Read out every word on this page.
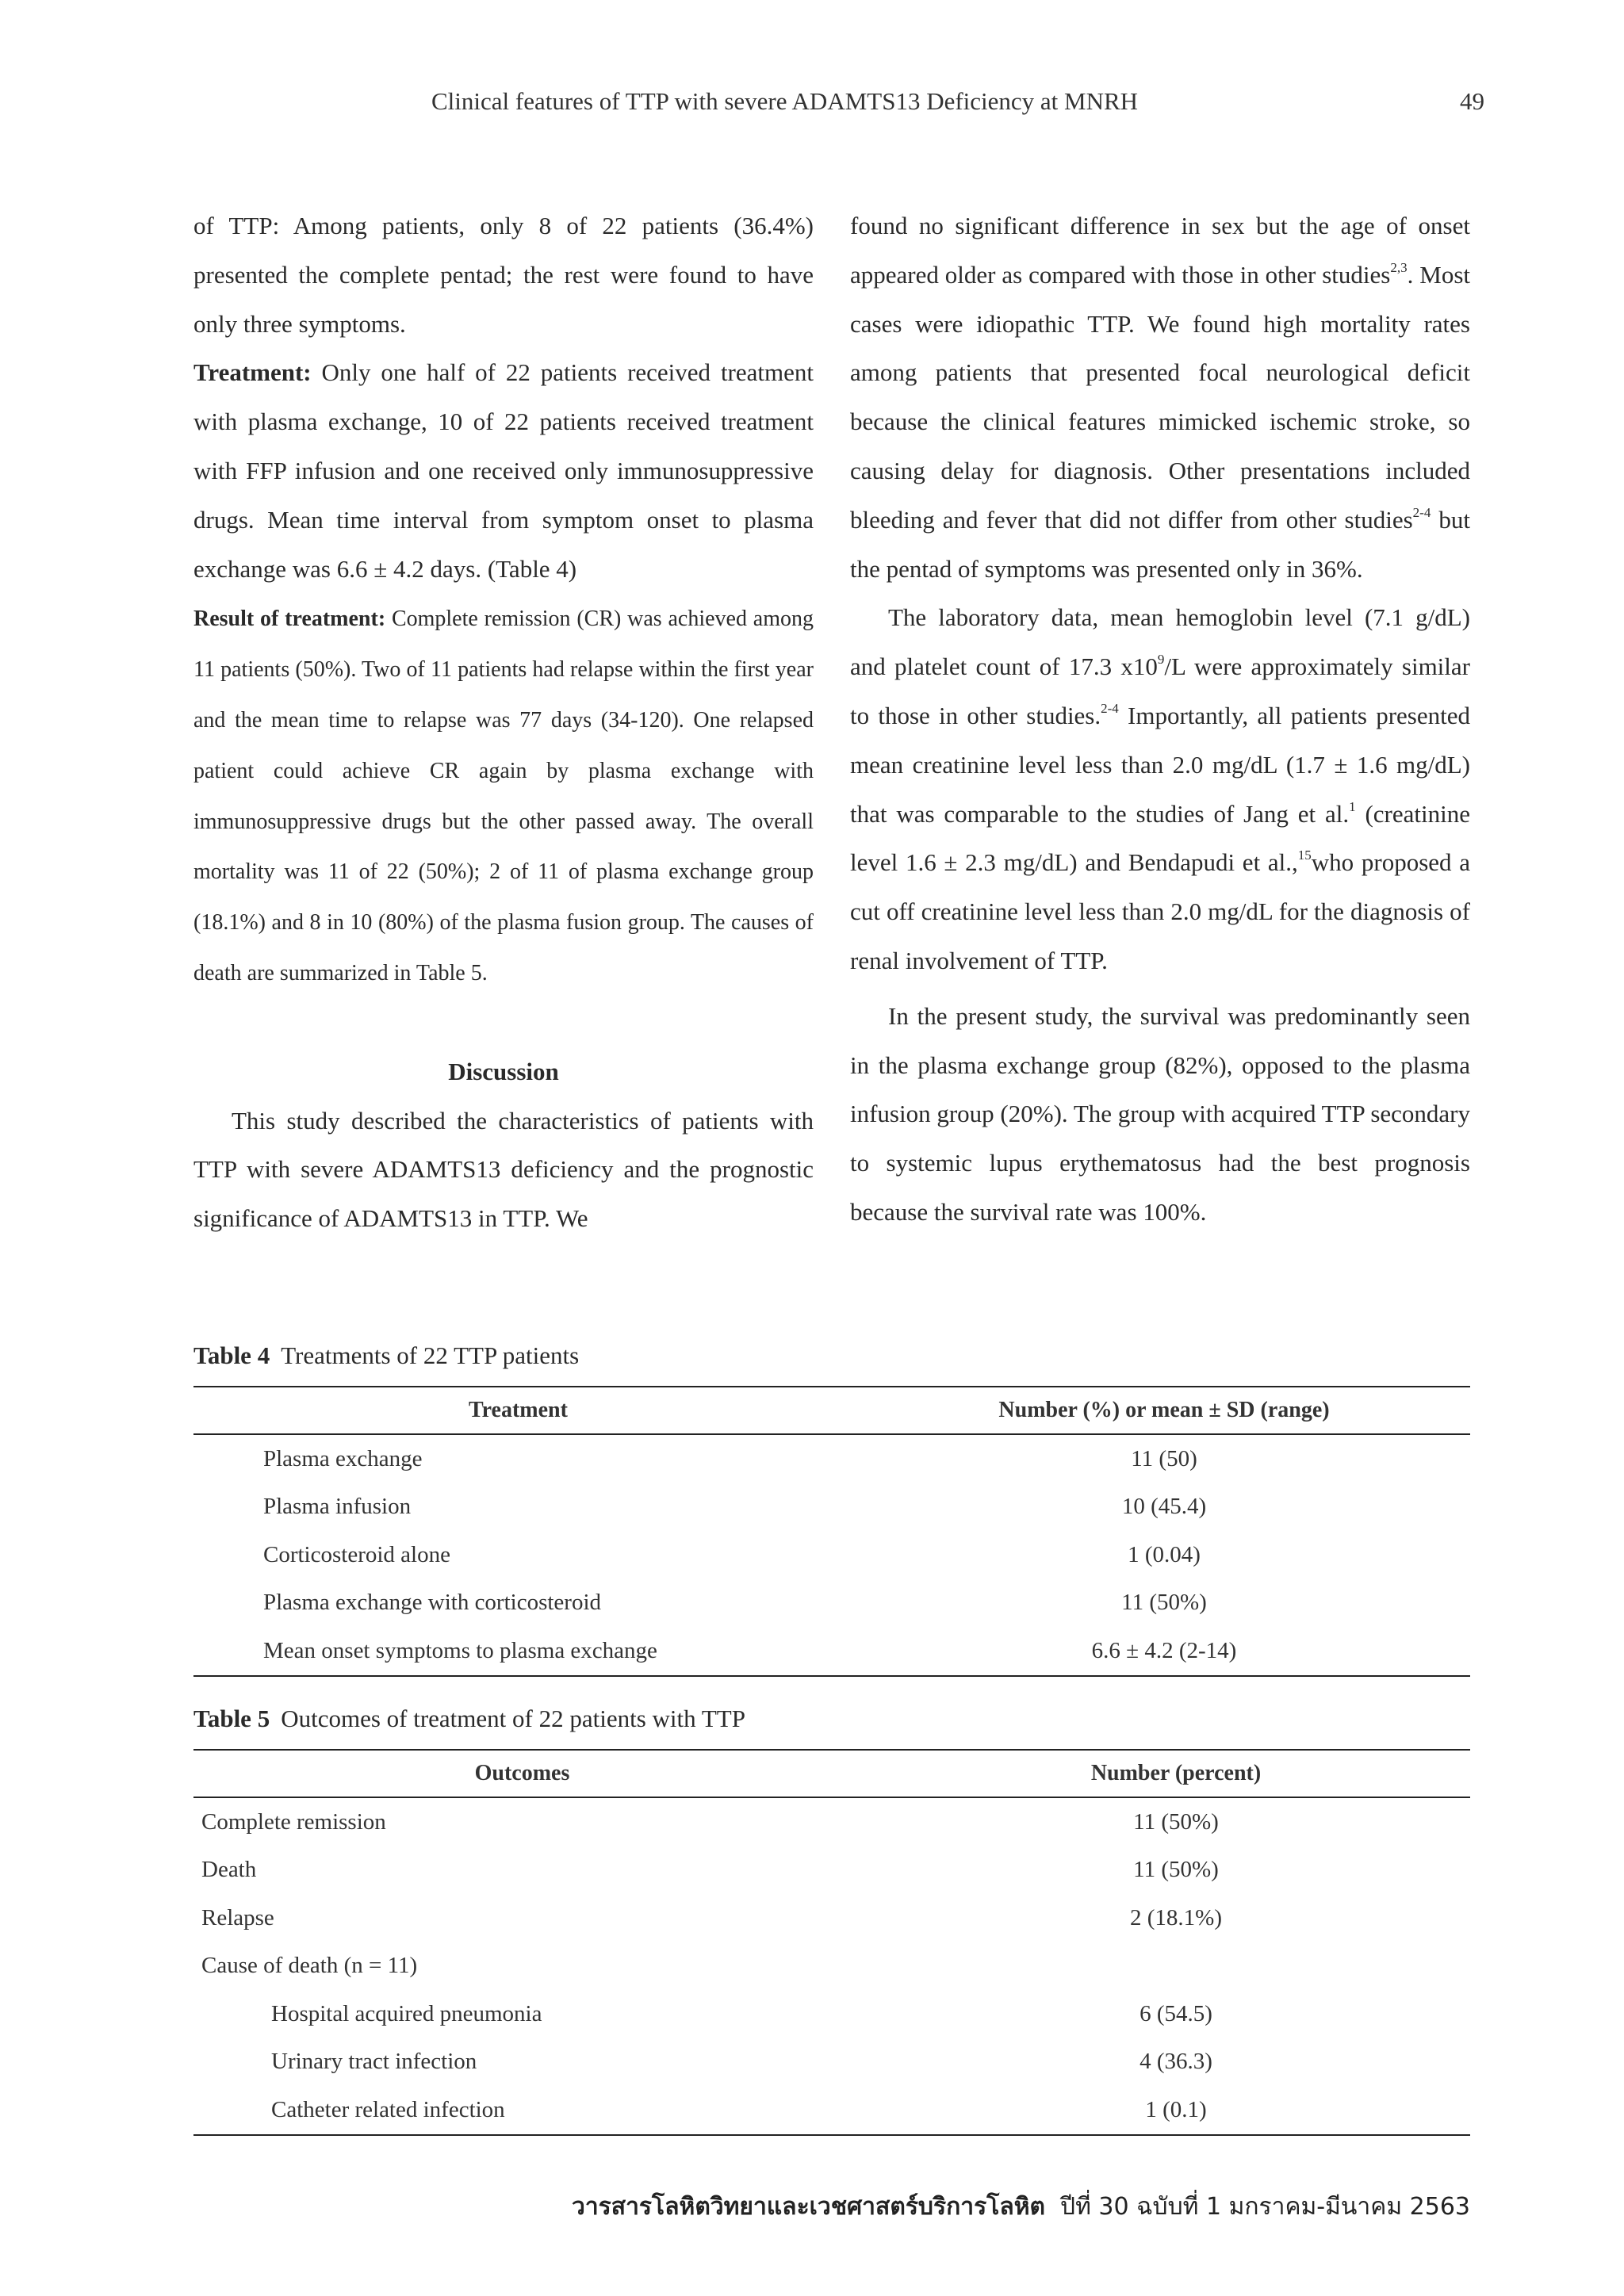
Clinical features of TTP with severe ADAMTS13 Deficiency at MNRH	49

of TTP: Among patients, only 8 of 22 patients (36.4%) presented the complete pentad; the rest were found to have only three symptoms.

Treatment: Only one half of 22 patients received treatment with plasma exchange, 10 of 22 patients received treatment with FFP infusion and one received only immunosuppressive drugs. Mean time interval from symptom onset to plasma exchange was 6.6 ± 4.2 days. (Table 4)

Result of treatment: Complete remission (CR) was achieved among 11 patients (50%). Two of 11 patients had relapse within the first year and the mean time to relapse was 77 days (34-120). One relapsed patient could achieve CR again by plasma exchange with immunosuppressive drugs but the other passed away. The overall mortality was 11 of 22 (50%); 2 of 11 of plasma exchange group (18.1%) and 8 in 10 (80%) of the plasma fusion group. The causes of death are summarized in Table 5.

Discussion

This study described the characteristics of patients with TTP with severe ADAMTS13 deficiency and the prognostic significance of ADAMTS13 in TTP. We

found no significant difference in sex but the age of onset appeared older as compared with those in other studies$^{2,3}$. Most cases were idiopathic TTP. We found high mortality rates among patients that presented focal neurological deficit because the clinical features mimicked ischemic stroke, so causing delay for diagnosis. Other presentations included bleeding and fever that did not differ from other studies$^{2-4}$ but the pentad of symptoms was presented only in 36%.

The laboratory data, mean hemoglobin level (7.1 g/dL) and platelet count of 17.3 $x10^9/L$ were approximately similar to those in other studies.$^{2-4}$ Importantly, all patients presented mean creatinine level less than 2.0 mg/dL (1.7 ± 1.6 mg/dL) that was comparable to the studies of Jang et al.$^1$ (creatinine level 1.6 ± 2.3 mg/dL) and Bendapudi et al.,$^{15}$who proposed a cut off creatinine level less than 2.0 mg/dL for the diagnosis of renal involvement of TTP.

In the present study, the survival was predominantly seen in the plasma exchange group (82%), opposed to the plasma infusion group (20%). The group with acquired TTP secondary to systemic lupus erythematosus had the best prognosis because the survival rate was 100%.

Table 4 Treatments of 22 TTP patients
Treatment	Number (%) or mean ± SD (range)
Plasma exchange	11 (50)
Plasma infusion	10 (45.4)
Corticosteroid alone	1 (0.04)
Plasma exchange with corticosteroid	11 (50%)
Mean onset symptoms to plasma exchange	6.6 ± 4.2 (2-14)
Table 5 Outcomes of treatment of 22 patients with TTP
Outcomes	Number (percent)
Complete remission	11 (50%)
Death	11 (50%)
Relapse	2 (18.1%)
Cause of death (n = 11)	
Hospital acquired pneumonia	6 (54.5)
Urinary tract infection	4 (36.3)
Catheter related infection	1 (0.1)
วารสารโลหิตวิทยาและเวชศาสตร์บริการโลหิต ปีที่ 30 ฉบับที่ 1 มกราคม-มีนาคม 2563
